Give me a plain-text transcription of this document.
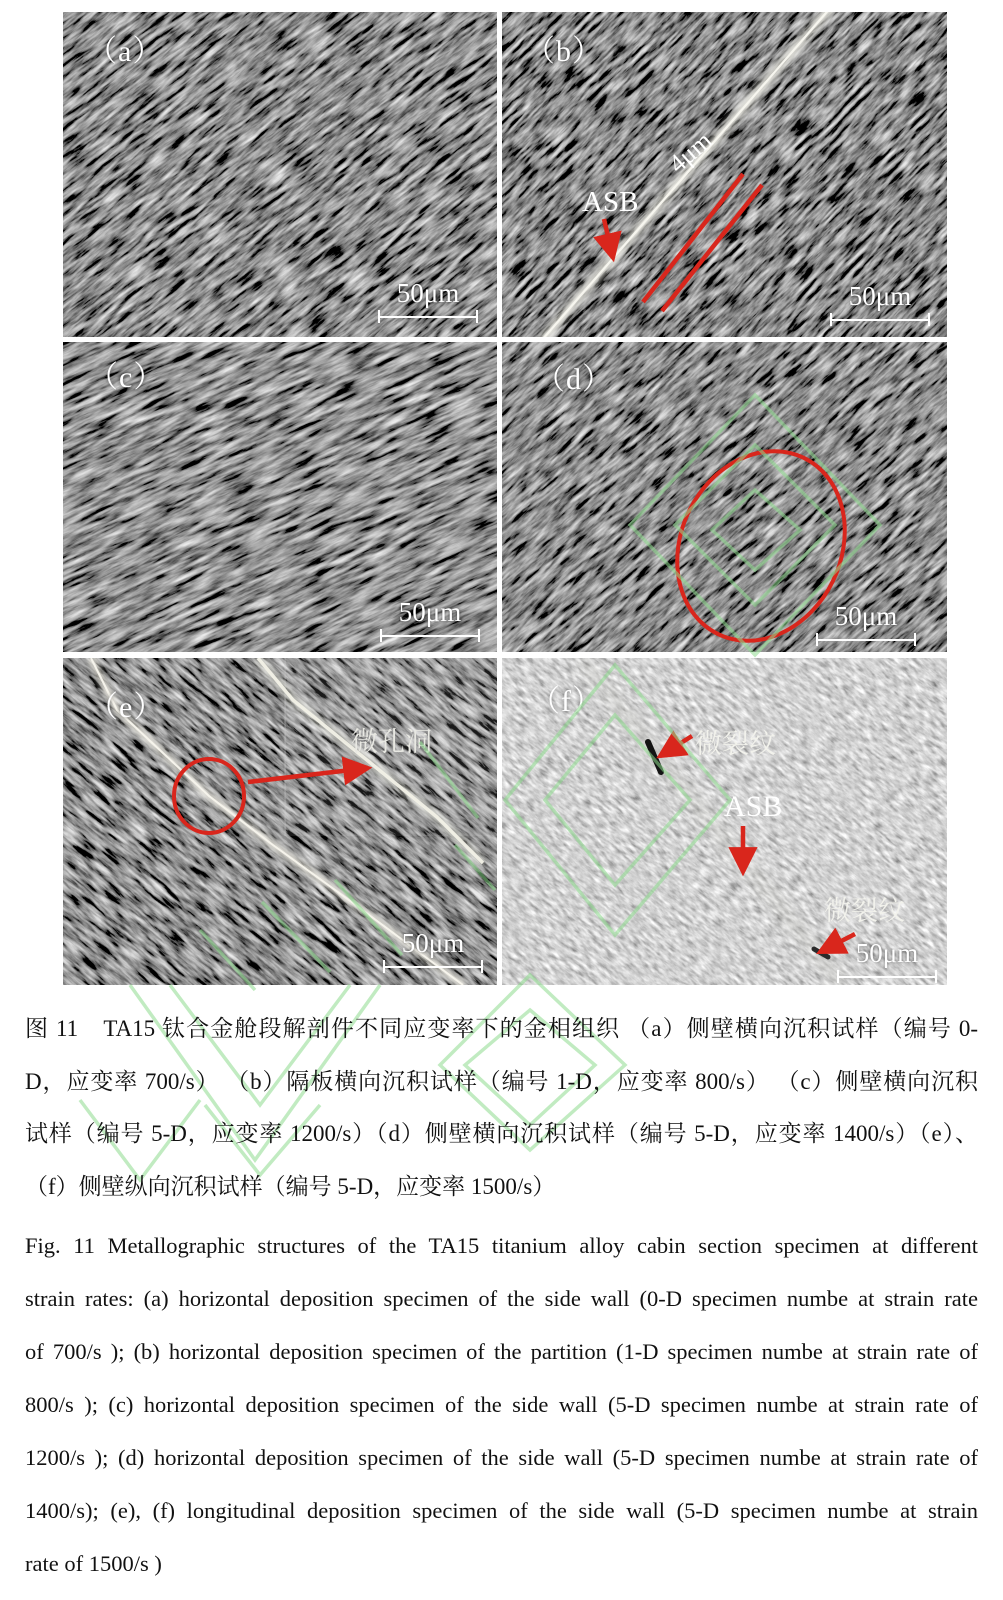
（a）
50μm
4μm
ASB
（b）
50μm
（c）
50μm
（d）
50μm
微孔洞
（e）
50μm
微裂纹
ASB
微裂纹
（f）
50μm
图 11　TA15 钛合金舱段解剖件不同应变率下的金相组织 （a）侧壁横向沉积试样（编号 0-
D，应变率 700/s） （b）隔板横向沉积试样（编号 1-D，应变率 800/s） （c）侧壁横向沉积
试样（编号 5-D，应变率 1200/s）（d）侧壁横向沉积试样（编号 5-D，应变率 1400/s）（e）、
（f）侧壁纵向沉积试样（编号 5-D，应变率 1500/s）
Fig. 11 Metallographic structures of the TA15 titanium alloy cabin section specimen at different
strain rates: (a) horizontal deposition specimen of the side wall (0-D specimen numbe at strain rate
of 700/s ); (b) horizontal deposition specimen of the partition (1-D specimen numbe at strain rate of
800/s ); (c) horizontal deposition specimen of the side wall (5-D specimen numbe at strain rate of
1200/s ); (d) horizontal deposition specimen of the side wall (5-D specimen numbe at strain rate of
1400/s); (e), (f) longitudinal deposition specimen of the side wall (5-D specimen numbe at strain
rate of 1500/s )
